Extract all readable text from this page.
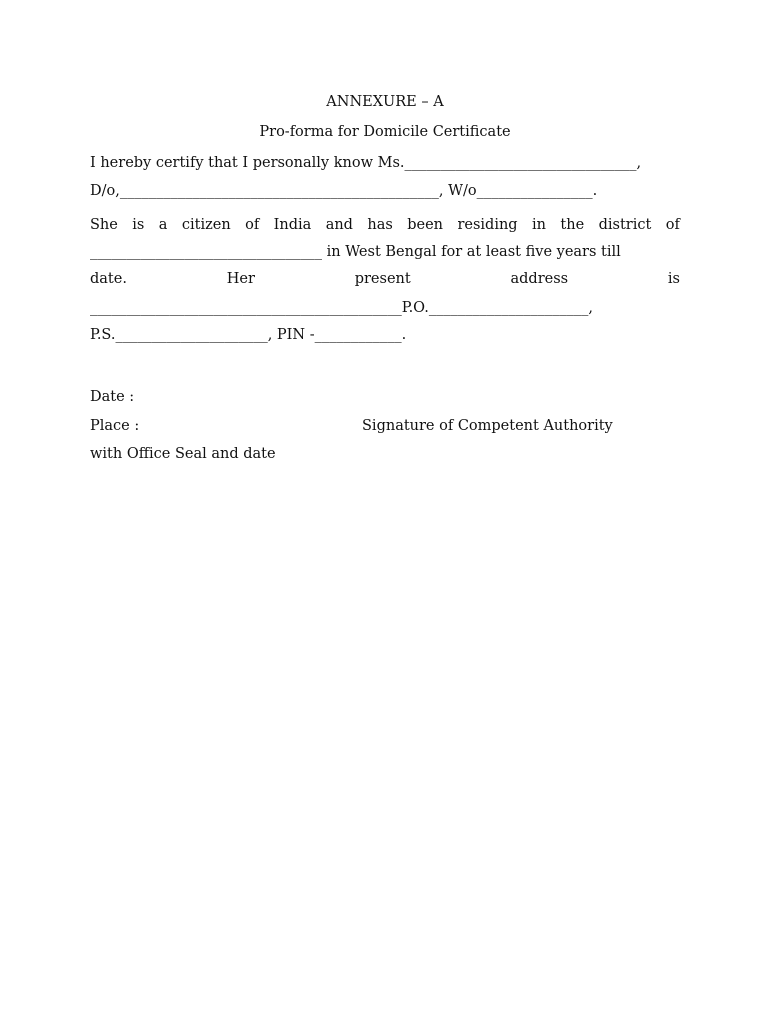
ANNEXURE – A
Pro-forma for Domicile Certificate
I hereby certify that I personally know Ms.________________________________,
D/o,____________________________________________, W/o________________.
She is a citizen of India and has been residing in the district of
________________________________ in West Bengal for at least five years till
date.	Her	present	address	is
___________________________________________P.O.______________________,
P.S._____________________, PIN -____________.
Date :
Place :	Signature of Competent Authority
with Office Seal and date
